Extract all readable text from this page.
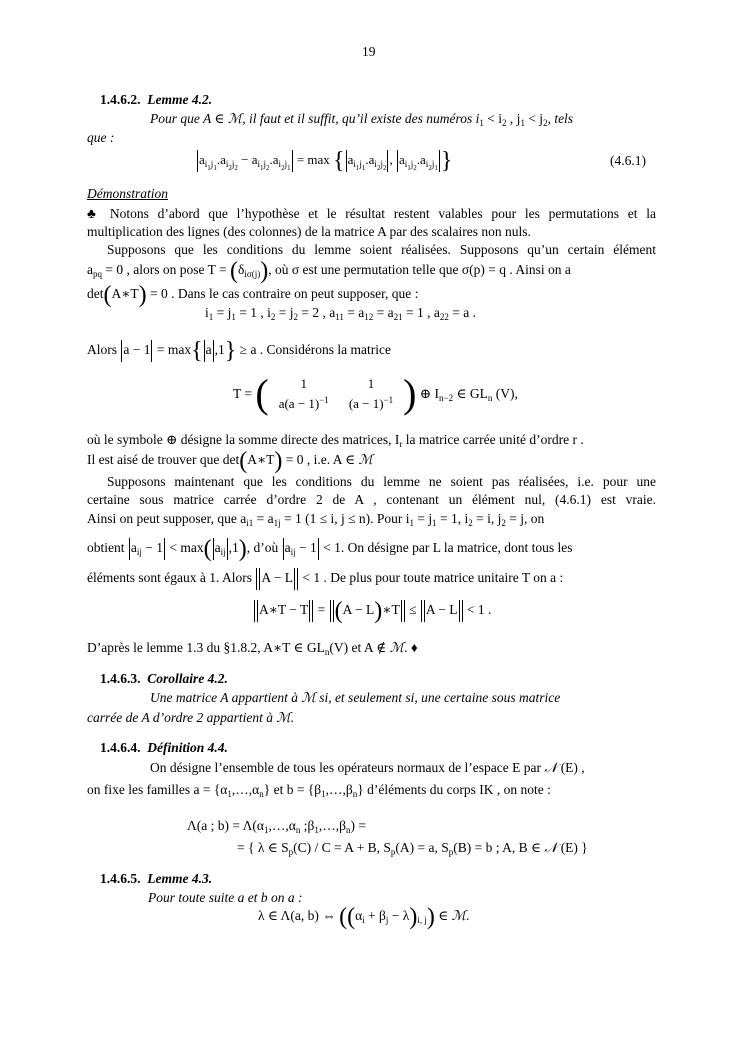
19
1.4.6.2. Lemme 4.2.
Pour que A ∈ ℳ, il faut et il suffit, qu’il existe des numéros $i_1 < i_2$ , $j_1 < j_2$, tels
que :
$a_{i_1j_1}.a_{i_2j_2} - a_{i_1j_2}.a_{i_2j_1} = \max$ { $a_{i_1j_1}.a_{i_2j_2}$, $a_{i_1j_2}.a_{i_2j_1}$ }	(4.6.1)
Démonstration
♣ Notons d’abord que l’hypothèse et le résultat restent valables pour les permutations et la
multiplication des lignes (des colonnes) de la matrice A par des scalaires non nuls.
Supposons que les conditions du lemme soient réalisées. Supposons qu’un certain élément
$a_{pq} = 0$ , alors on pose $T = (\delta_{i\sigma(j)})$, où σ est une permutation telle que σ(p) = q . Ainsi on a
det(A∗T) = 0 . Dans le cas contraire on peut supposer, que :
$i_1 = j_1 = 1$ , $i_2 = j_2 = 2$ , $a_{11} = a_{12} = a_{21} = 1$ , $a_{22} = a$ .
Alors a − 1 = max{ a ,1} ≥ a . Considérons la matrice
T = ( 1	1
$a(a - 1)^{-1}$	$(a - 1)^{-1}$ ) ⊕ $I_{n-2}$ ∈ $GL_n$ (V),
où le symbole ⊕ désigne la somme directe des matrices, $I_r$ la matrice carrée unité d’ordre r .
Il est aisé de trouver que det(A∗T) = 0 , i.e. A ∈ ℳ
Supposons maintenant que les conditions du lemme ne soient pas réalisées, i.e. pour une
certaine sous matrice carrée d’ordre 2 de A , contenant un élément nul, (4.6.1) est vraie.
Ainsi on peut supposer, que $a_{i1} = a_{1j} = 1$ (1 ≤ i, j ≤ n). Pour $i_1 = j_1 = 1$, $i_2 = i$, $j_2 = j$, on
obtient $a_{ij} - 1 < \max$( $a_{ij}$ ,1), d’où $a_{ij} - 1 < 1$. On désigne par L la matrice, dont tous les
éléments sont égaux à 1. Alors A − L < 1 . De plus pour toute matrice unitaire T on a :
A∗T − T = (A − L)∗T ≤ A − L < 1 .
D’après le lemme 1.3 du §1.8.2, A∗T ∈ $GL_n(V)$ et A ∉ ℳ. ♦
1.4.6.3. Corollaire 4.2.
Une matrice A appartient à ℳ si, et seulement si, une certaine sous matrice
carrée de A d’ordre 2 appartient à ℳ.
1.4.6.4. Définition 4.4.
On désigne l’ensemble de tous les opérateurs normaux de l’espace E par 𝒩 (E) ,
on fixe les familles $a = \{\alpha_1,\dots,\alpha_n\}$ et $b = \{\beta_1,\dots,\beta_n\}$ d’éléments du corps IK , on note :
Λ(a ; $b) = \Lambda(\alpha_1,\dots,\alpha_n$ $;\beta_1,\dots,\beta_n$) =
= { λ ∈ $S_p(C) / C = A + B$, $S_p(A) = a$, $S_p(B) = b$ ; A, B ∈ 𝒩 (E) }
1.4.6.5. Lemme 4.3.
Pour toute suite a et b on a :
λ ∈ Λ(a, b) ⇔ $((\alpha_i + \beta_j - \lambda)_{i, j})$ ∈ ℳ.
